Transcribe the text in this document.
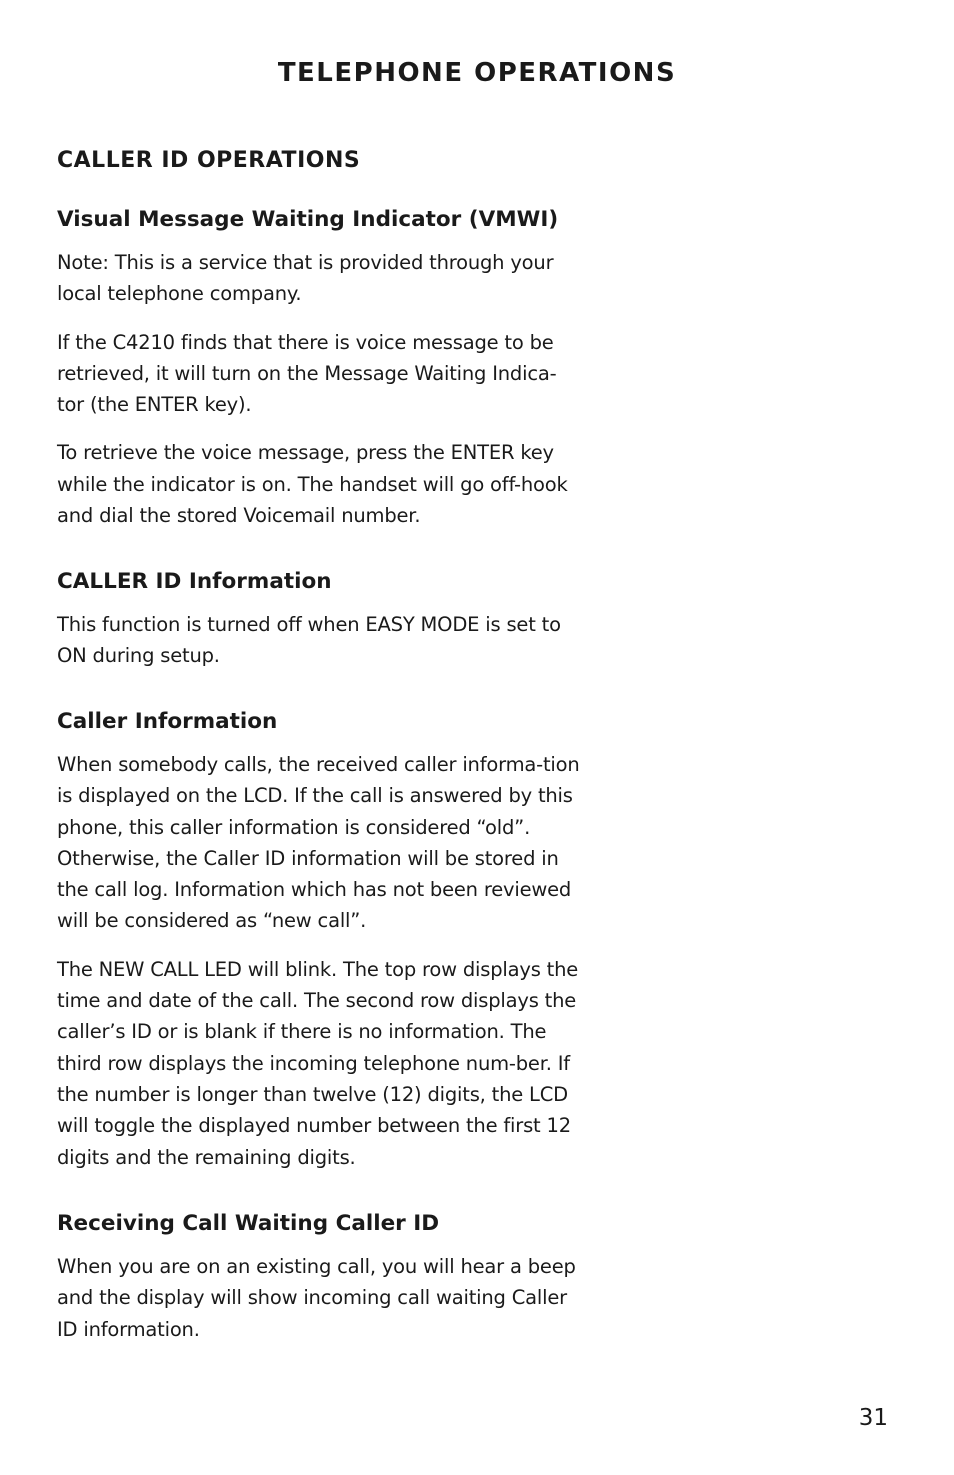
TELEPHONE OPERATIONS
CALLER ID OPERATIONS
Visual Message Waiting Indicator (VMWI)

Note: This is a service that is provided through your local telephone company.

If the C4210 finds that there is voice message to be retrieved, it will turn on the Message Waiting Indica-tor (the ENTER key).

To retrieve the voice message, press the ENTER key while the indicator is on. The handset will go off-hook and dial the stored Voicemail number.

CALLER ID Information

This function is turned off when EASY MODE is set to ON during setup.

Caller Information

When somebody calls, the received caller informa-tion is displayed on the LCD. If the call is answered by this phone, this caller information is considered “old”. Otherwise, the Caller ID information will be stored in the call log. Information which has not been reviewed will be considered as “new call”.

The NEW CALL LED will blink. The top row displays the time and date of the call. The second row displays the caller’s ID or is blank if there is no information. The third row displays the incoming telephone num-ber. If the number is longer than twelve (12) digits, the LCD will toggle the displayed number between the first 12 digits and the remaining digits.

Receiving Call Waiting Caller ID

When you are on an existing call, you will hear a beep and the display will show incoming call waiting Caller ID information.

31
